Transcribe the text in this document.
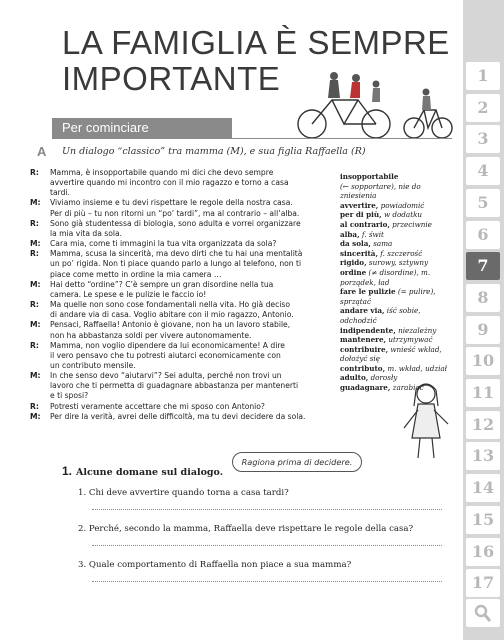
LA FAMIGLIA È SEMPRE
IMPORTANTE
Per cominciare
A Un dialogo “classico” tra mamma (M), e sua figlia Raffaella (R)
R:	Mamma, è insopportabile quando mi dici che devo sempre
avvertire quando mi incontro con il mio ragazzo e torno a casa
tardi.
M:	Viviamo insieme e tu devi rispettare le regole della nostra casa.
Per di più – tu non ritorni un “po’ tardi”, ma al contrario – all’alba.
R:	Sono già studentessa di biologia, sono adulta e vorrei organizzare
la mia vita da sola.
M:	Cara mia, come ti immagini la tua vita organizzata da sola?
R:	Mamma, scusa la sincerità, ma devo dirti che tu hai una mentalità
un po’ rigida. Non ti piace quando parlo a lungo al telefono, non ti
piace come metto in ordine la mia camera …
M:	Hai detto “ordine”? C’è sempre un gran disordine nella tua
camera. Le spese e le pulizie le faccio io!
R:	Ma quelle non sono cose fondamentali nella vita. Ho già deciso
di andare via di casa. Voglio abitare con il mio ragazzo, Antonio.
M:	Pensaci, Raffaella! Antonio è giovane, non ha un lavoro stabile,
non ha abbastanza soldi per vivere autonomamente.
R:	Mamma, non voglio dipendere da lui economicamente! A dire
il vero pensavo che tu potresti aiutarci economicamente con
un contributo mensile.
M:	In che senso devo “aiutarvi”? Sei adulta, perché non trovi un
lavoro che ti permetta di guadagnare abbastanza per mantenerti
e ti sposi?
R:	Potresti veramente accettare che mi sposo con Antonio?
M:	Per dire la verità, avrei delle difficoltà, ma tu devi decidere da sola.
insopportabile
(← sopportare), nie do zniesienia
avvertire, powiadomić
per di più, w dodatku
al contrario, przeciwnie
alba, f. świt
da sola, sama
sincerità, f. szczerość
rigido, surowy, sztywny
ordine (≠ disordine), m. porządek, ład
fare le pulizie (= pulire), sprzątać
andare via, iść sobie, odchodzić
indipendente, niezależny
mantenere, utrzymywać
contribuire, wnieść wkład, dołożyć się
contributo, m. wkład, udział
adulto, dorosły
guadagnare, zarabiać
Ragiona prima di decidere.
1. Alcune domane sul dialogo.
1. Chi deve avvertire quando torna a casa tardi?
2. Perché, secondo la mamma, Raffaella deve rispettare le regole della casa?
3. Quale comportamento di Raffaella non piace a sua mamma?
1
2
3
4
5
6
7
8
9
10
11
12
13
14
15
16
17
